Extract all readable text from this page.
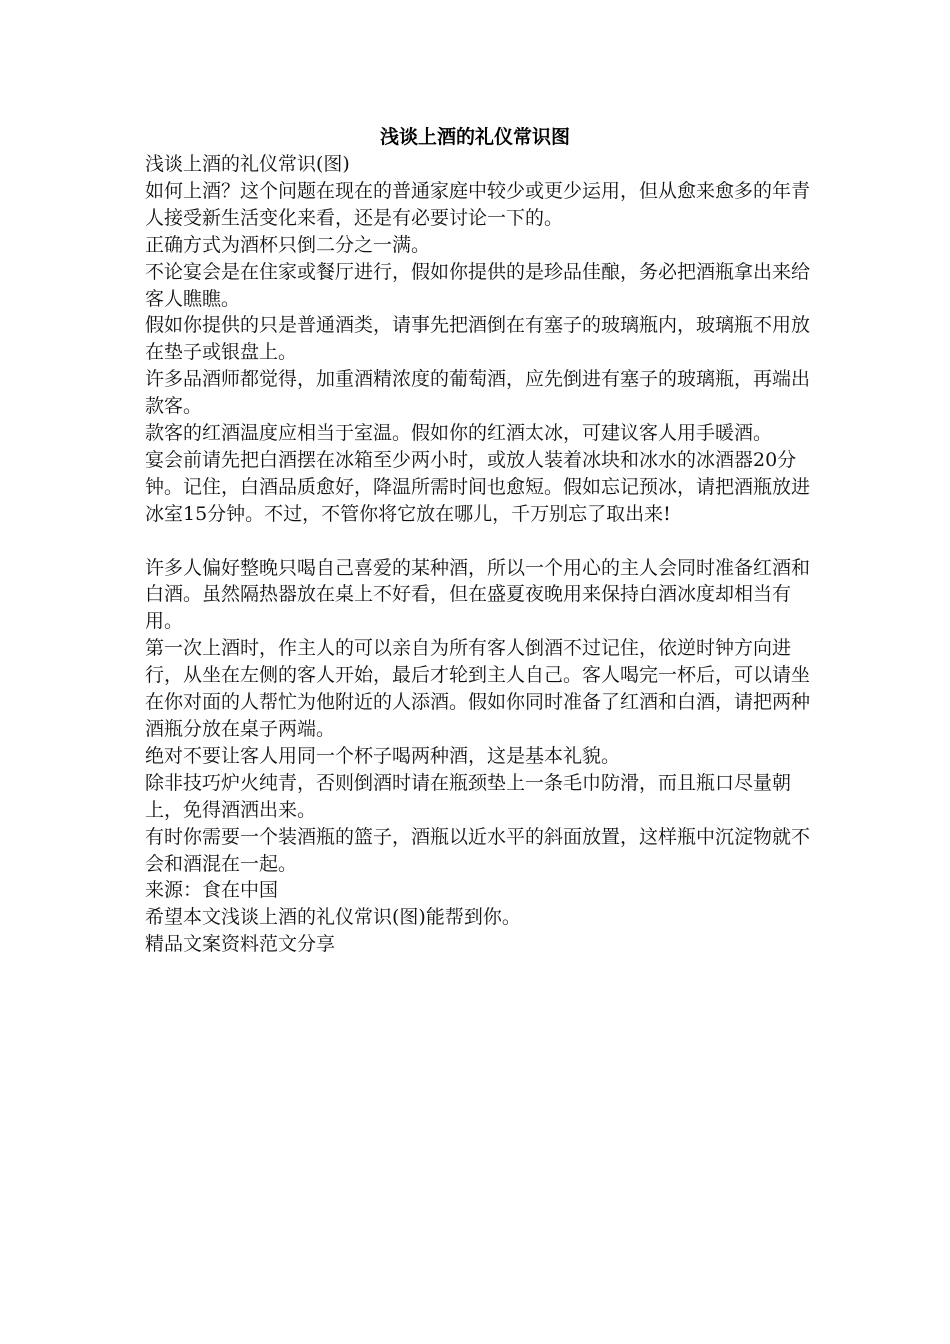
浅谈上酒的礼仪常识图

浅谈上酒的礼仪常识(图)

如何上酒？这个问题在现在的普通家庭中较少或更少运用，但从愈来愈多的年青人接受新生活变化来看，还是有必要讨论一下的。

正确方式为酒杯只倒二分之一满。

不论宴会是在住家或餐厅进行，假如你提供的是珍品佳酿，务必把酒瓶拿出来给客人瞧瞧。

假如你提供的只是普通酒类，请事先把酒倒在有塞子的玻璃瓶内，玻璃瓶不用放在垫子或银盘上。

许多品酒师都觉得，加重酒精浓度的葡萄酒，应先倒进有塞子的玻璃瓶，再端出款客。

款客的红酒温度应相当于室温。假如你的红酒太冰，可建议客人用手暖酒。

宴会前请先把白酒摆在冰箱至少两小时，或放人装着冰块和冰水的冰酒器20分钟。记住，白酒品质愈好，降温所需时间也愈短。假如忘记预冰，请把酒瓶放进冰室15分钟。不过，不管你将它放在哪儿，千万别忘了取出来!

许多人偏好整晚只喝自己喜爱的某种酒，所以一个用心的主人会同时准备红酒和白酒。虽然隔热器放在桌上不好看，但在盛夏夜晚用来保持白酒冰度却相当有用。

第一次上酒时，作主人的可以亲自为所有客人倒酒不过记住，依逆时钟方向进行，从坐在左侧的客人开始，最后才轮到主人自己。客人喝完一杯后，可以请坐在你对面的人帮忙为他附近的人添酒。假如你同时准备了红酒和白酒，请把两种酒瓶分放在桌子两端。

绝对不要让客人用同一个杯子喝两种酒，这是基本礼貌。

除非技巧炉火纯青，否则倒酒时请在瓶颈垫上一条毛巾防滑，而且瓶口尽量朝上，免得酒洒出来。

有时你需要一个装酒瓶的篮子，酒瓶以近水平的斜面放置，这样瓶中沉淀物就不会和酒混在一起。

来源：食在中国

希望本文浅谈上酒的礼仪常识(图)能帮到你。

精品文案资料范文分享
